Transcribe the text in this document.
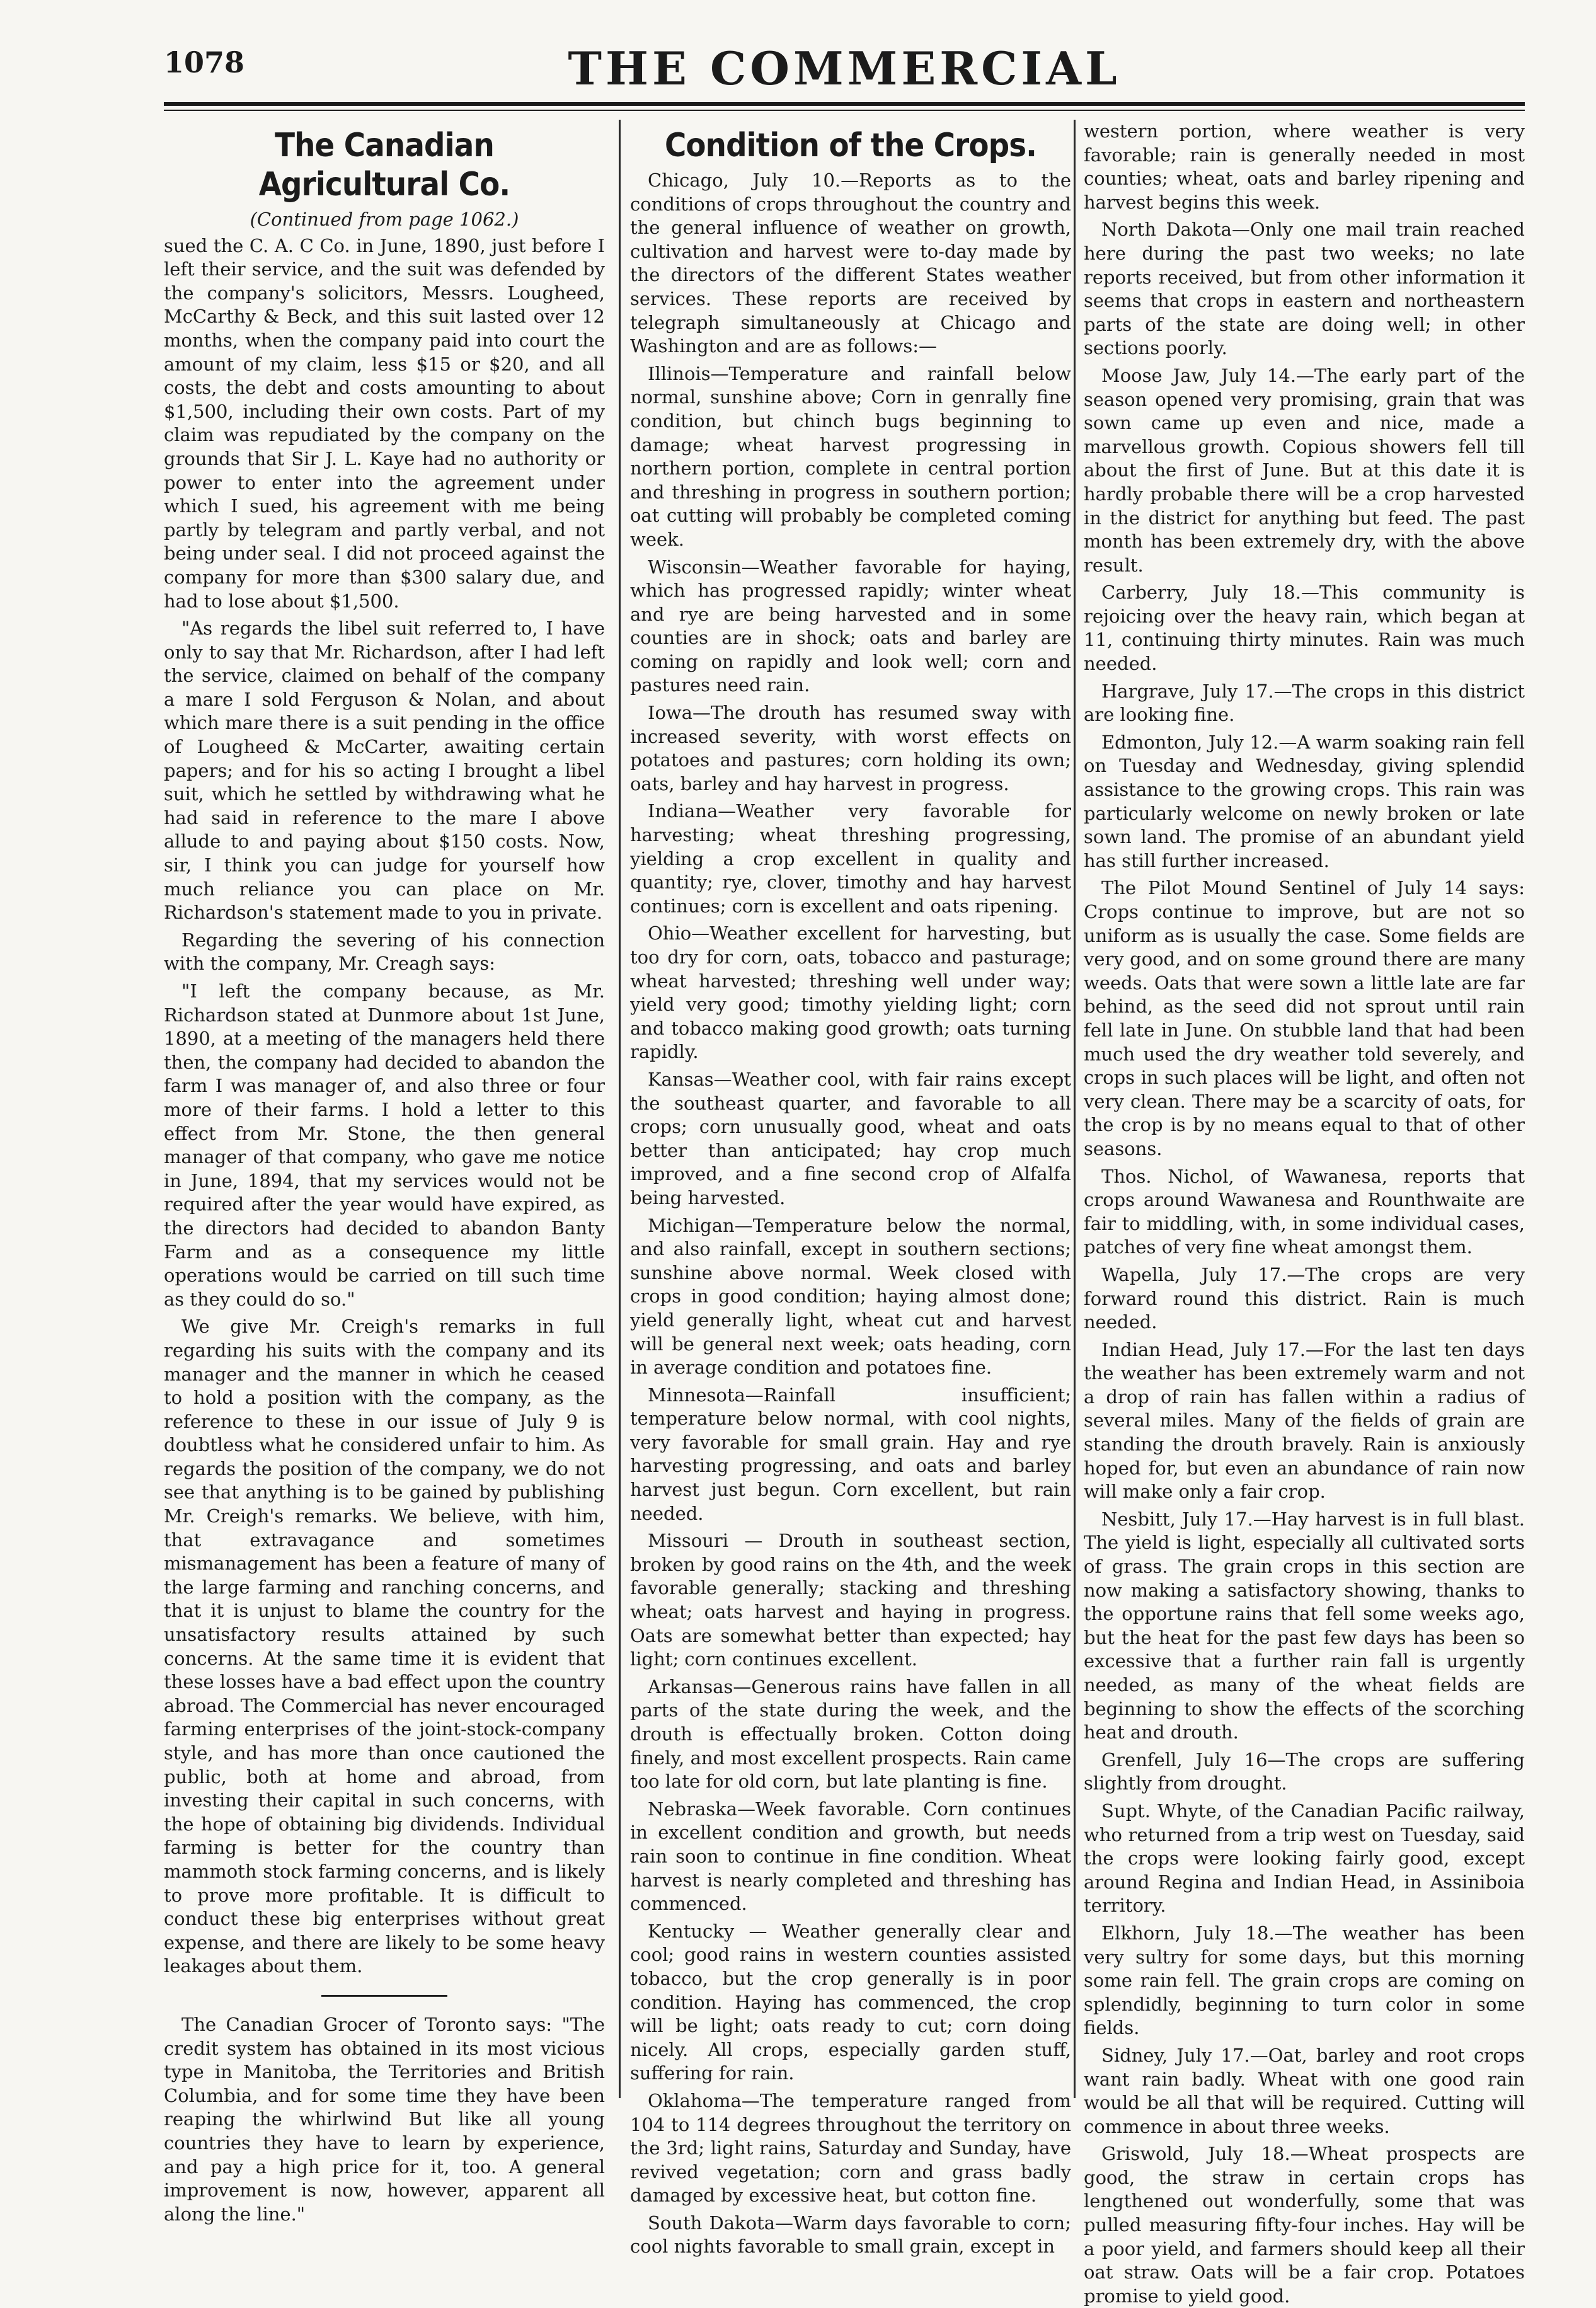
1078	THE COMMERCIAL
The Canadian Agricultural Co.
(Continued from page 1062.)

sued the C. A. C Co. in June, 1890, just before I left their service, and the suit was defended by the company's solicitors, Messrs. Lougheed, McCarthy & Beck, and this suit lasted over 12 months, when the company paid into court the amount of my claim, less $15 or $20, and all costs, the debt and costs amounting to about $1,500, including their own costs. Part of my claim was repudiated by the company on the grounds that Sir J. L. Kaye had no authority or power to enter into the agreement under which I sued, his agreement with me being partly by telegram and partly verbal, and not being under seal. I did not proceed against the company for more than $300 salary due, and had to lose about $1,500.

"As regards the libel suit referred to, I have only to say that Mr. Richardson, after I had left the service, claimed on behalf of the company a mare I sold Ferguson & Nolan, and about which mare there is a suit pending in the office of Lougheed & McCarter, awaiting certain papers; and for his so acting I brought a libel suit, which he settled by withdrawing what he had said in reference to the mare I above allude to and paying about $150 costs. Now, sir, I think you can judge for yourself how much reliance you can place on Mr. Richardson's statement made to you in private.

Regarding the severing of his connection with the company, Mr. Creagh says:

"I left the company because, as Mr. Richardson stated at Dunmore about 1st June, 1890, at a meeting of the managers held there then, the company had decided to abandon the farm I was manager of, and also three or four more of their farms. I hold a letter to this effect from Mr. Stone, the then general manager of that company, who gave me notice in June, 1894, that my services would not be required after the year would have expired, as the directors had decided to abandon Banty Farm and as a consequence my little operations would be carried on till such time as they could do so."

We give Mr. Creigh's remarks in full regarding his suits with the company and its manager and the manner in which he ceased to hold a position with the company, as the reference to these in our issue of July 9 is doubtless what he considered unfair to him. As regards the position of the company, we do not see that anything is to be gained by publishing Mr. Creigh's remarks. We believe, with him, that extravagance and sometimes mismanagement has been a feature of many of the large farming and ranching concerns, and that it is unjust to blame the country for the unsatisfactory results attained by such concerns. At the same time it is evident that these losses have a bad effect upon the country abroad. The Commercial has never encouraged farming enterprises of the joint-stock-company style, and has more than once cautioned the public, both at home and abroad, from investing their capital in such concerns, with the hope of obtaining big dividends. Individual farming is better for the country than mammoth stock farming concerns, and is likely to prove more profitable. It is difficult to conduct these big enterprises without great expense, and there are likely to be some heavy leakages about them.

The Canadian Grocer of Toronto says: "The credit system has obtained in its most vicious type in Manitoba, the Territories and British Columbia, and for some time they have been reaping the whirlwind But like all young countries they have to learn by experience, and pay a high price for it, too. A general improvement is now, however, apparent all along the line."

Condition of the Crops.

Chicago, July 10.—Reports as to the conditions of crops throughout the country and the general influence of weather on growth, cultivation and harvest were to-day made by the directors of the different States weather services. These reports are received by telegraph simultaneously at Chicago and Washington and are as follows:—

Illinois—Temperature and rainfall below normal, sunshine above; Corn in genrally fine condition, but chinch bugs beginning to damage; wheat harvest progressing in northern portion, complete in central portion and threshing in progress in southern portion; oat cutting will probably be completed coming week.

Wisconsin—Weather favorable for haying, which has progressed rapidly; winter wheat and rye are being harvested and in some counties are in shock; oats and barley are coming on rapidly and look well; corn and pastures need rain.

Iowa—The drouth has resumed sway with increased severity, with worst effects on potatoes and pastures; corn holding its own; oats, barley and hay harvest in progress.

Indiana—Weather very favorable for harvesting; wheat threshing progressing, yielding a crop excellent in quality and quantity; rye, clover, timothy and hay harvest continues; corn is excellent and oats ripening.

Ohio—Weather excellent for harvesting, but too dry for corn, oats, tobacco and pasturage; wheat harvested; threshing well under way; yield very good; timothy yielding light; corn and tobacco making good growth; oats turning rapidly.

Kansas—Weather cool, with fair rains except the southeast quarter, and favorable to all crops; corn unusually good, wheat and oats better than anticipated; hay crop much improved, and a fine second crop of Alfalfa being harvested.

Michigan—Temperature below the normal, and also rainfall, except in southern sections; sunshine above normal. Week closed with crops in good condition; haying almost done; yield generally light, wheat cut and harvest will be general next week; oats heading, corn in average condition and potatoes fine.

Minnesota—Rainfall insufficient; temperature below normal, with cool nights, very favorable for small grain. Hay and rye harvesting progressing, and oats and barley harvest just begun. Corn excellent, but rain needed.

Missouri — Drouth in southeast section, broken by good rains on the 4th, and the week favorable generally; stacking and threshing wheat; oats harvest and haying in progress. Oats are somewhat better than expected; hay light; corn continues excellent.

Arkansas—Generous rains have fallen in all parts of the state during the week, and the drouth is effectually broken. Cotton doing finely, and most excellent prospects. Rain came too late for old corn, but late planting is fine.

Nebraska—Week favorable. Corn continues in excellent condition and growth, but needs rain soon to continue in fine condition. Wheat harvest is nearly completed and threshing has commenced.

Kentucky — Weather generally clear and cool; good rains in western counties assisted tobacco, but the crop generally is in poor condition. Haying has commenced, the crop will be light; oats ready to cut; corn doing nicely. All crops, especially garden stuff, suffering for rain.

Oklahoma—The temperature ranged from 104 to 114 degrees throughout the territory on the 3rd; light rains, Saturday and Sunday, have revived vegetation; corn and grass badly damaged by excessive heat, but cotton fine.

South Dakota—Warm days favorable to corn; cool nights favorable to small grain, except in

western portion, where weather is very favorable; rain is generally needed in most counties; wheat, oats and barley ripening and harvest begins this week.

North Dakota—Only one mail train reached here during the past two weeks; no late reports received, but from other information it seems that crops in eastern and northeastern parts of the state are doing well; in other sections poorly.

Moose Jaw, July 14.—The early part of the season opened very promising, grain that was sown came up even and nice, made a marvellous growth. Copious showers fell till about the first of June. But at this date it is hardly probable there will be a crop harvested in the district for anything but feed. The past month has been extremely dry, with the above result.

Carberry, July 18.—This community is rejoicing over the heavy rain, which began at 11, continuing thirty minutes. Rain was much needed.

Hargrave, July 17.—The crops in this district are looking fine.

Edmonton, July 12.—A warm soaking rain fell on Tuesday and Wednesday, giving splendid assistance to the growing crops. This rain was particularly welcome on newly broken or late sown land. The promise of an abundant yield has still further increased.

The Pilot Mound Sentinel of July 14 says: Crops continue to improve, but are not so uniform as is usually the case. Some fields are very good, and on some ground there are many weeds. Oats that were sown a little late are far behind, as the seed did not sprout until rain fell late in June. On stubble land that had been much used the dry weather told severely, and crops in such places will be light, and often not very clean. There may be a scarcity of oats, for the crop is by no means equal to that of other seasons.

Thos. Nichol, of Wawanesa, reports that crops around Wawanesa and Rounthwaite are fair to middling, with, in some individual cases, patches of very fine wheat amongst them.

Wapella, July 17.—The crops are very forward round this district. Rain is much needed.

Indian Head, July 17.—For the last ten days the weather has been extremely warm and not a drop of rain has fallen within a radius of several miles. Many of the fields of grain are standing the drouth bravely. Rain is anxiously hoped for, but even an abundance of rain now will make only a fair crop.

Nesbitt, July 17.—Hay harvest is in full blast. The yield is light, especially all cultivated sorts of grass. The grain crops in this section are now making a satisfactory showing, thanks to the opportune rains that fell some weeks ago, but the heat for the past few days has been so excessive that a further rain fall is urgently needed, as many of the wheat fields are beginning to show the effects of the scorching heat and drouth.

Grenfell, July 16—The crops are suffering slightly from drought.

Supt. Whyte, of the Canadian Pacific railway, who returned from a trip west on Tuesday, said the crops were looking fairly good, except around Regina and Indian Head, in Assiniboia territory.

Elkhorn, July 18.—The weather has been very sultry for some days, but this morning some rain fell. The grain crops are coming on splendidly, beginning to turn color in some fields.

Sidney, July 17.—Oat, barley and root crops want rain badly. Wheat with one good rain would be all that will be required. Cutting will commence in about three weeks.

Griswold, July 18.—Wheat prospects are good, the straw in certain crops has lengthened out wonderfully, some that was pulled measuring fifty-four inches. Hay will be a poor yield, and farmers should keep all their oat straw. Oats will be a fair crop. Potatoes promise to yield good.
